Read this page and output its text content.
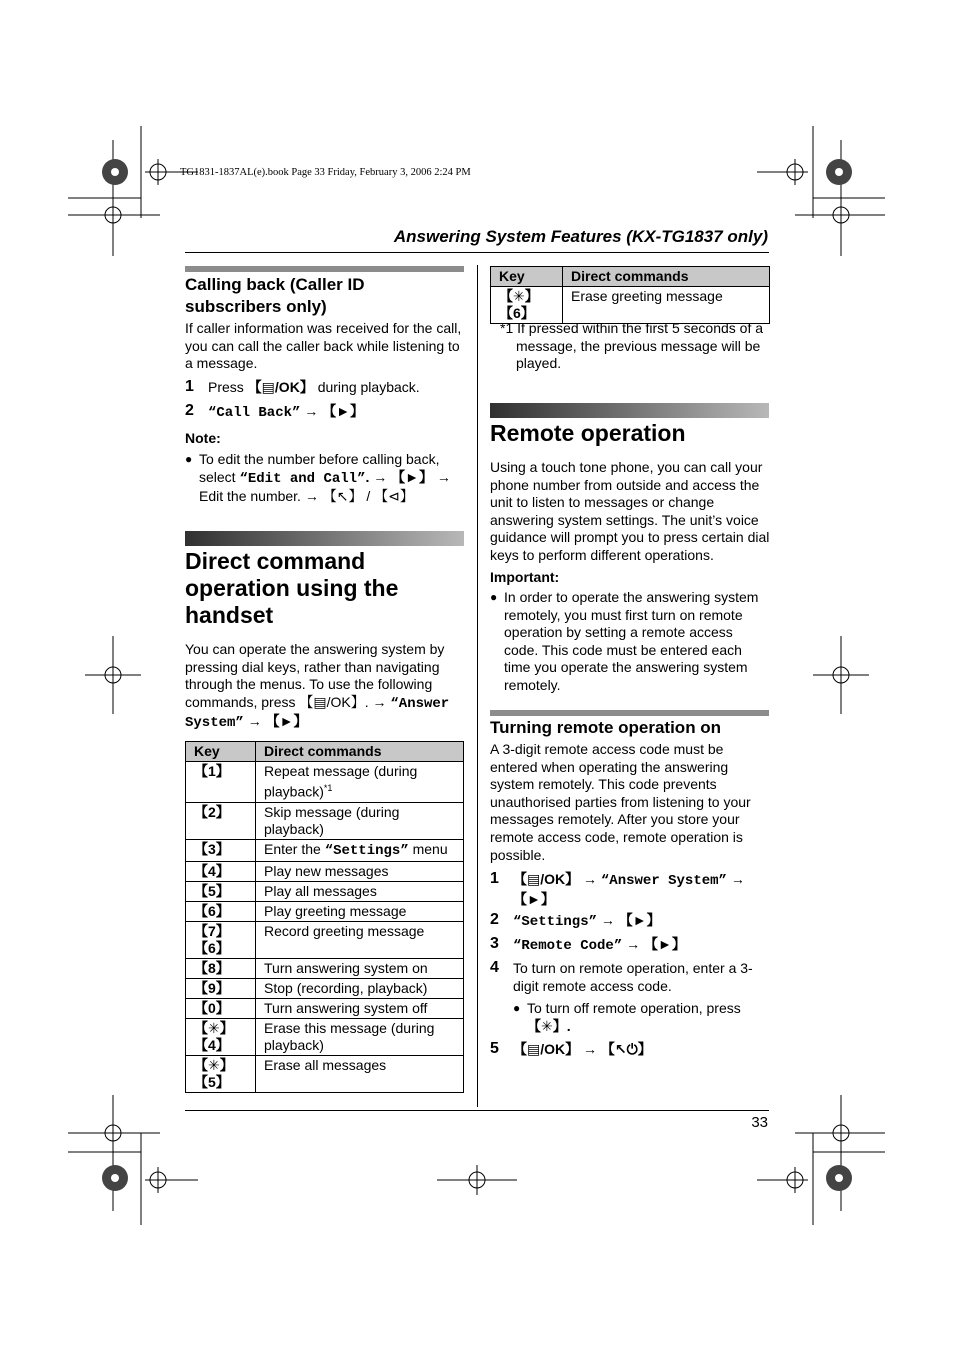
TG1831-1837AL(e).book Page 33 Friday, February 3, 2006 2:24 PM
Answering System Features (KX-TG1837 only)
Calling back (Caller ID subscribers only)
If caller information was received for the call, you can call the caller back while listening to a message.
1 Press 【▤/OK】 during playback.
2 “Call Back” → 【►】
Note:
● To edit the number before calling back,
select “Edit and Call”. → 【►】 →
Edit the number. → 【↖】 / 【⊲】
Direct command operation using the handset
You can operate the answering system by pressing dial keys, rather than navigating through the menus. To use the following commands, press 【▤/OK】. → “Answer System” → 【►】
Key	Direct commands
【1】	Repeat message (during playback)$^{*1}$
【2】	Skip message (during playback)
【3】	Enter the “Settings” menu
【4】	Play new messages
【5】	Play all messages
【6】	Play greeting message
【7】【6】	Record greeting message
【8】	Turn answering system on
【9】	Stop (recording, playback)
【0】	Turn answering system off
【✳】【4】	Erase this message (during playback)
【✳】【5】	Erase all messages
Key	Direct commands
【✳】【6】	Erase greeting message
*1 If pressed within the first 5 seconds of a message, the previous message will be played.
Remote operation
Using a touch tone phone, you can call your phone number from outside and access the unit to listen to messages or change answering system settings. The unit’s voice guidance will prompt you to press certain dial keys to perform different operations.
Important:
● In order to operate the answering system remotely, you must first turn on remote operation by setting a remote access code. This code must be entered each time you operate the answering system remotely.
Turning remote operation on
A 3-digit remote access code must be entered when operating the answering system remotely. This code prevents unauthorised parties from listening to your messages remotely. After you store your remote access code, remote operation is possible.
1 【▤/OK】 → “Answer System” →
【►】
2 “Settings” → 【►】
3 “Remote Code” → 【►】
4 To turn on remote operation, enter a 3-digit remote access code.
● To turn off remote operation, press
【✳】.
5 【▤/OK】 → 【↖⏻】
33
